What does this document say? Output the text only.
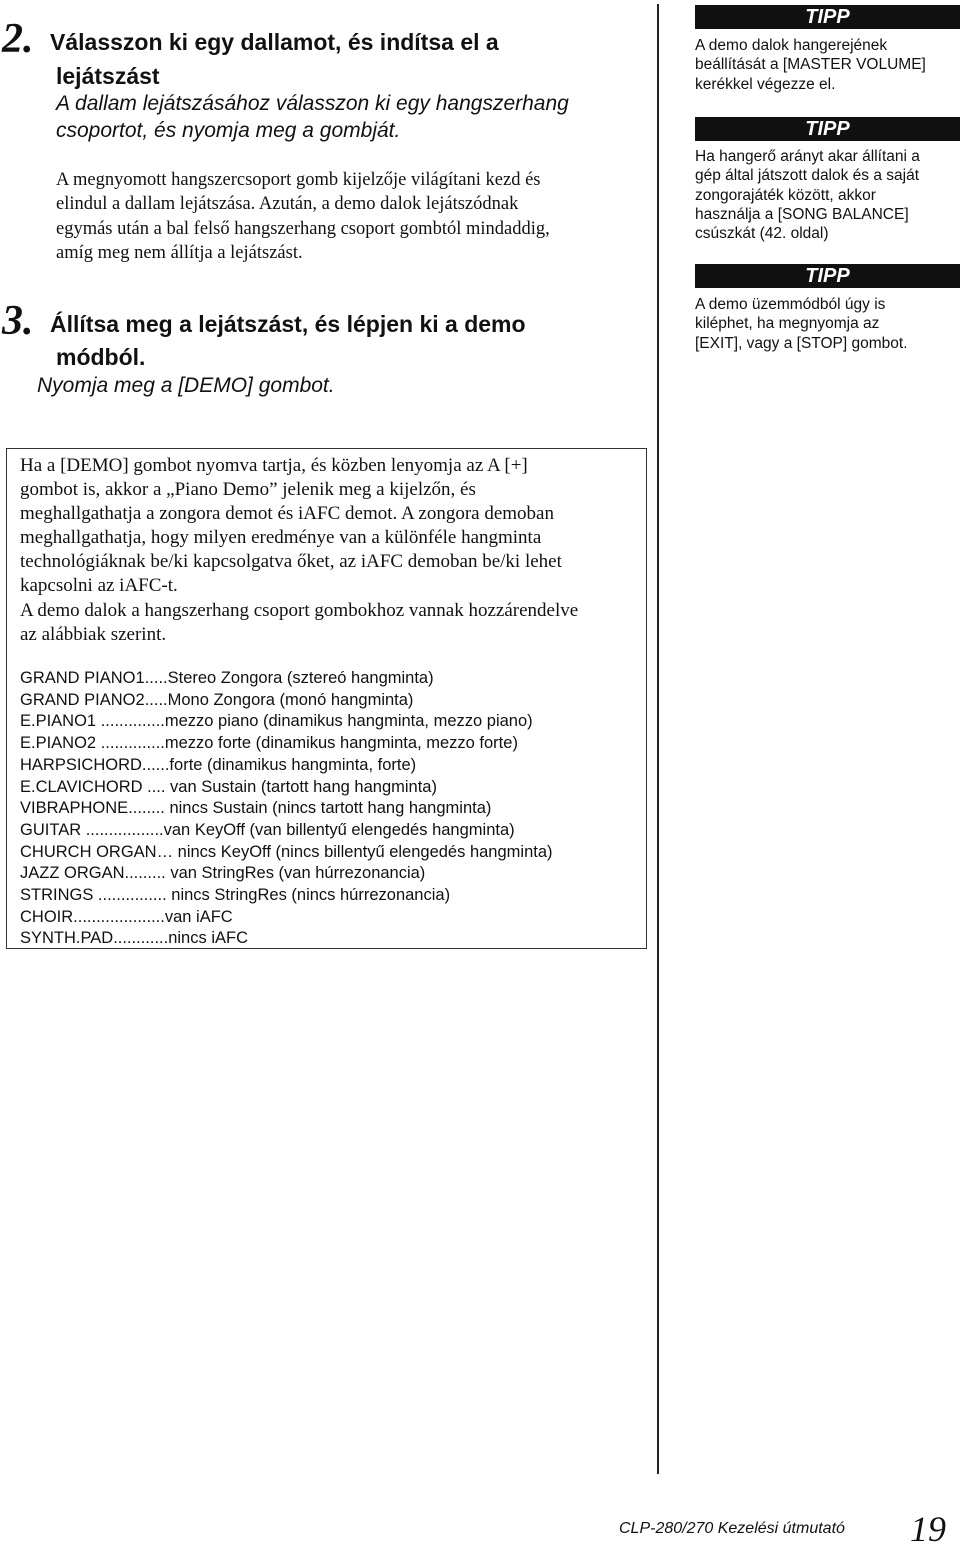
2. Válasszon ki egy dallamot, és indítsa el a
lejátszást
A dallam lejátszásához válasszon ki egy hangszerhang
csoportot, és nyomja meg a gombját.

A megnyomott hangszercsoport gomb kijelzője világítani kezd és

elindul a dallam lejátszása. Azután, a demo dalok lejátszódnak

egymás után a bal felső hangszerhang csoport gombtól mindaddig,

amíg meg nem állítja a lejátszást.

3. Állítsa meg a lejátszást, és lépjen ki a demo
módból.
Nyomja meg a [DEMO] gombot.
TIPP

A demo dalok hangerejének

beállítását a [MASTER VOLUME]

kerékkel végezze el.

TIPP

Ha hangerő arányt akar állítani a

gép által játszott dalok és a saját

zongorajáték között, akkor

használja a [SONG BALANCE]

csúszkát (42. oldal)

TIPP

A demo üzemmódból úgy is

kiléphet, ha megnyomja az

[EXIT], vagy a [STOP] gombot.

Ha a [DEMO] gombot nyomva tartja, és közben lenyomja az A [+]

gombot is, akkor a „Piano Demo” jelenik meg a kijelzőn, és

meghallgathatja a zongora demot és iAFC demot. A zongora demoban

meghallgathatja, hogy milyen eredménye van a különféle hangminta

technológiáknak be/ki kapcsolgatva őket, az iAFC demoban be/ki lehet

kapcsolni az iAFC-t.

A demo dalok a hangszerhang csoport gombokhoz vannak hozzárendelve

az alábbiak szerint.

GRAND PIANO1.....Stereo Zongora (sztereó hangminta)
GRAND PIANO2.....Mono Zongora (monó hangminta)
E.PIANO1 ..............mezzo piano (dinamikus hangminta, mezzo piano)
E.PIANO2 ..............mezzo forte (dinamikus hangminta, mezzo forte)
HARPSICHORD......forte (dinamikus hangminta, forte)
E.CLAVICHORD .... van Sustain (tartott hang hangminta)
VIBRAPHONE........ nincs Sustain (nincs tartott hang hangminta)
GUITAR .................van KeyOff (van billentyű elengedés hangminta)
CHURCH ORGAN… nincs KeyOff (nincs billentyű elengedés hangminta)
JAZZ ORGAN......... van StringRes (van húrrezonancia)
STRINGS ............... nincs StringRes (nincs húrrezonancia)
CHOIR....................van iAFC
SYNTH.PAD............nincs iAFC
CLP-280/270 Kezelési útmutató 19
